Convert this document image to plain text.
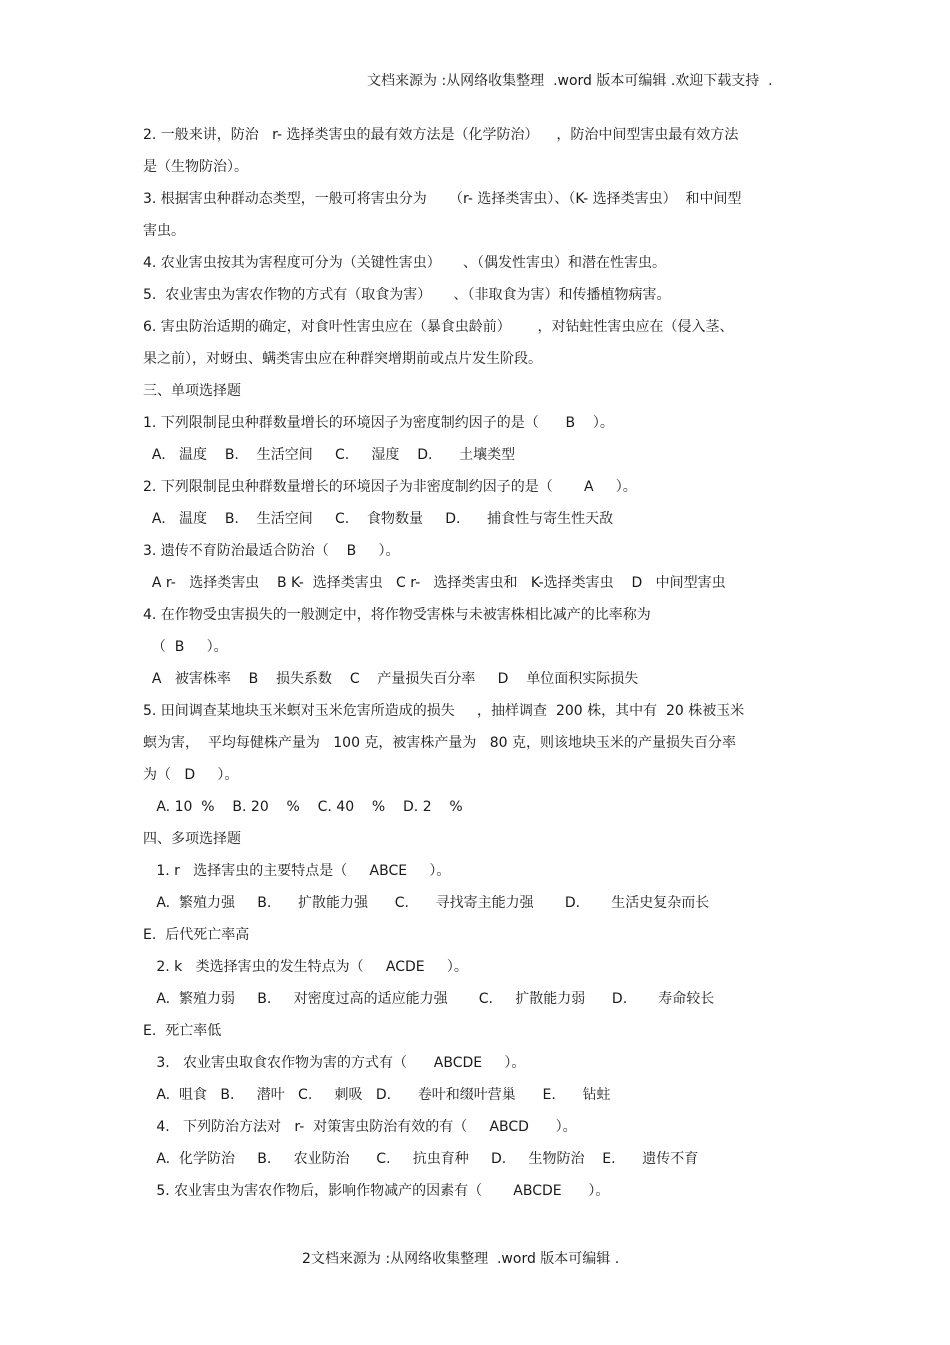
文档来源为 :从网络收集整理  .word 版本可编辑 .欢迎下载支持  .
2. 一般来讲，防治   r- 选择类害虫的最有效方法是（化学防治）    ，防治中间型害虫最有效方法
是（生物防治）。
3. 根据害虫种群动态类型，一般可将害虫分为     （r- 选择类害虫）、（K- 选择类害虫）  和中间型
害虫。
4. 农业害虫按其为害程度可分为（关键性害虫）     、（偶发性害虫）和潜在性害虫。
5.  农业害虫为害农作物的方式有（取食为害）     、（非取食为害）和传播植物病害。
6. 害虫防治适期的确定，对食叶性害虫应在（暴食虫龄前）      ，对钻蛀性害虫应在（侵入茎、
果之前），对蚜虫、螨类害虫应在种群突增期前或点片发生阶段。
三、单项选择题
1. 下列限制昆虫种群数量增长的环境因子为密度制约因子的是（      B    ）。
A.   温度    B.    生活空间     C.     湿度    D.      土壤类型
2. 下列限制昆虫种群数量增长的环境因子为非密度制约因子的是（       A     ）。
A.   温度    B.    生活空间     C.    食物数量     D.      捕食性与寄生性天敌
3. 遗传不育防治最适合防治（    B     ）。
A r-   选择类害虫    B K-  选择类害虫   C r-   选择类害虫和   K-选择类害虫    D   中间型害虫
4. 在作物受虫害损失的一般测定中，将作物受害株与未被害株相比减产的比率称为
（  B     ）。
A   被害株率    B    损失系数    C    产量损失百分率     D    单位面积实际损失
5. 田间调查某地块玉米螟对玉米危害所造成的损失     ，抽样调查  200 株，其中有  20 株被玉米
螟为害，  平均每健株产量为   100 克，被害株产量为   80 克，则该地块玉米的产量损失百分率
为（   D     ）。
A. 10  %    B. 20    %    C. 40    %    D. 2    %
四、多项选择题
1. r   选择害虫的主要特点是（     ABCE     ）。
A.  繁殖力强     B.      扩散能力强      C.      寻找寄主能力强       D.       生活史复杂而长
E.  后代死亡率高
2. k   类选择害虫的发生特点为（     ACDE     ）。
A.  繁殖力弱     B.     对密度过高的适应能力强       C.     扩散能力弱      D.       寿命较长
E.  死亡率低
3.   农业害虫取食农作物为害的方式有（      ABCDE     ）。
A.  咀食   B.     潜叶   C.     刺吸   D.      卷叶和缀叶营巢      E.      钻蛀
4.   下列防治方法对   r-  对策害虫防治有效的有（     ABCD      ）。
A.  化学防治     B.     农业防治      C.     抗虫育种     D.     生物防治    E.      遗传不育
5. 农业害虫为害农作物后，影响作物减产的因素有（       ABCDE      ）。
2文档来源为 :从网络收集整理  .word 版本可编辑 .
